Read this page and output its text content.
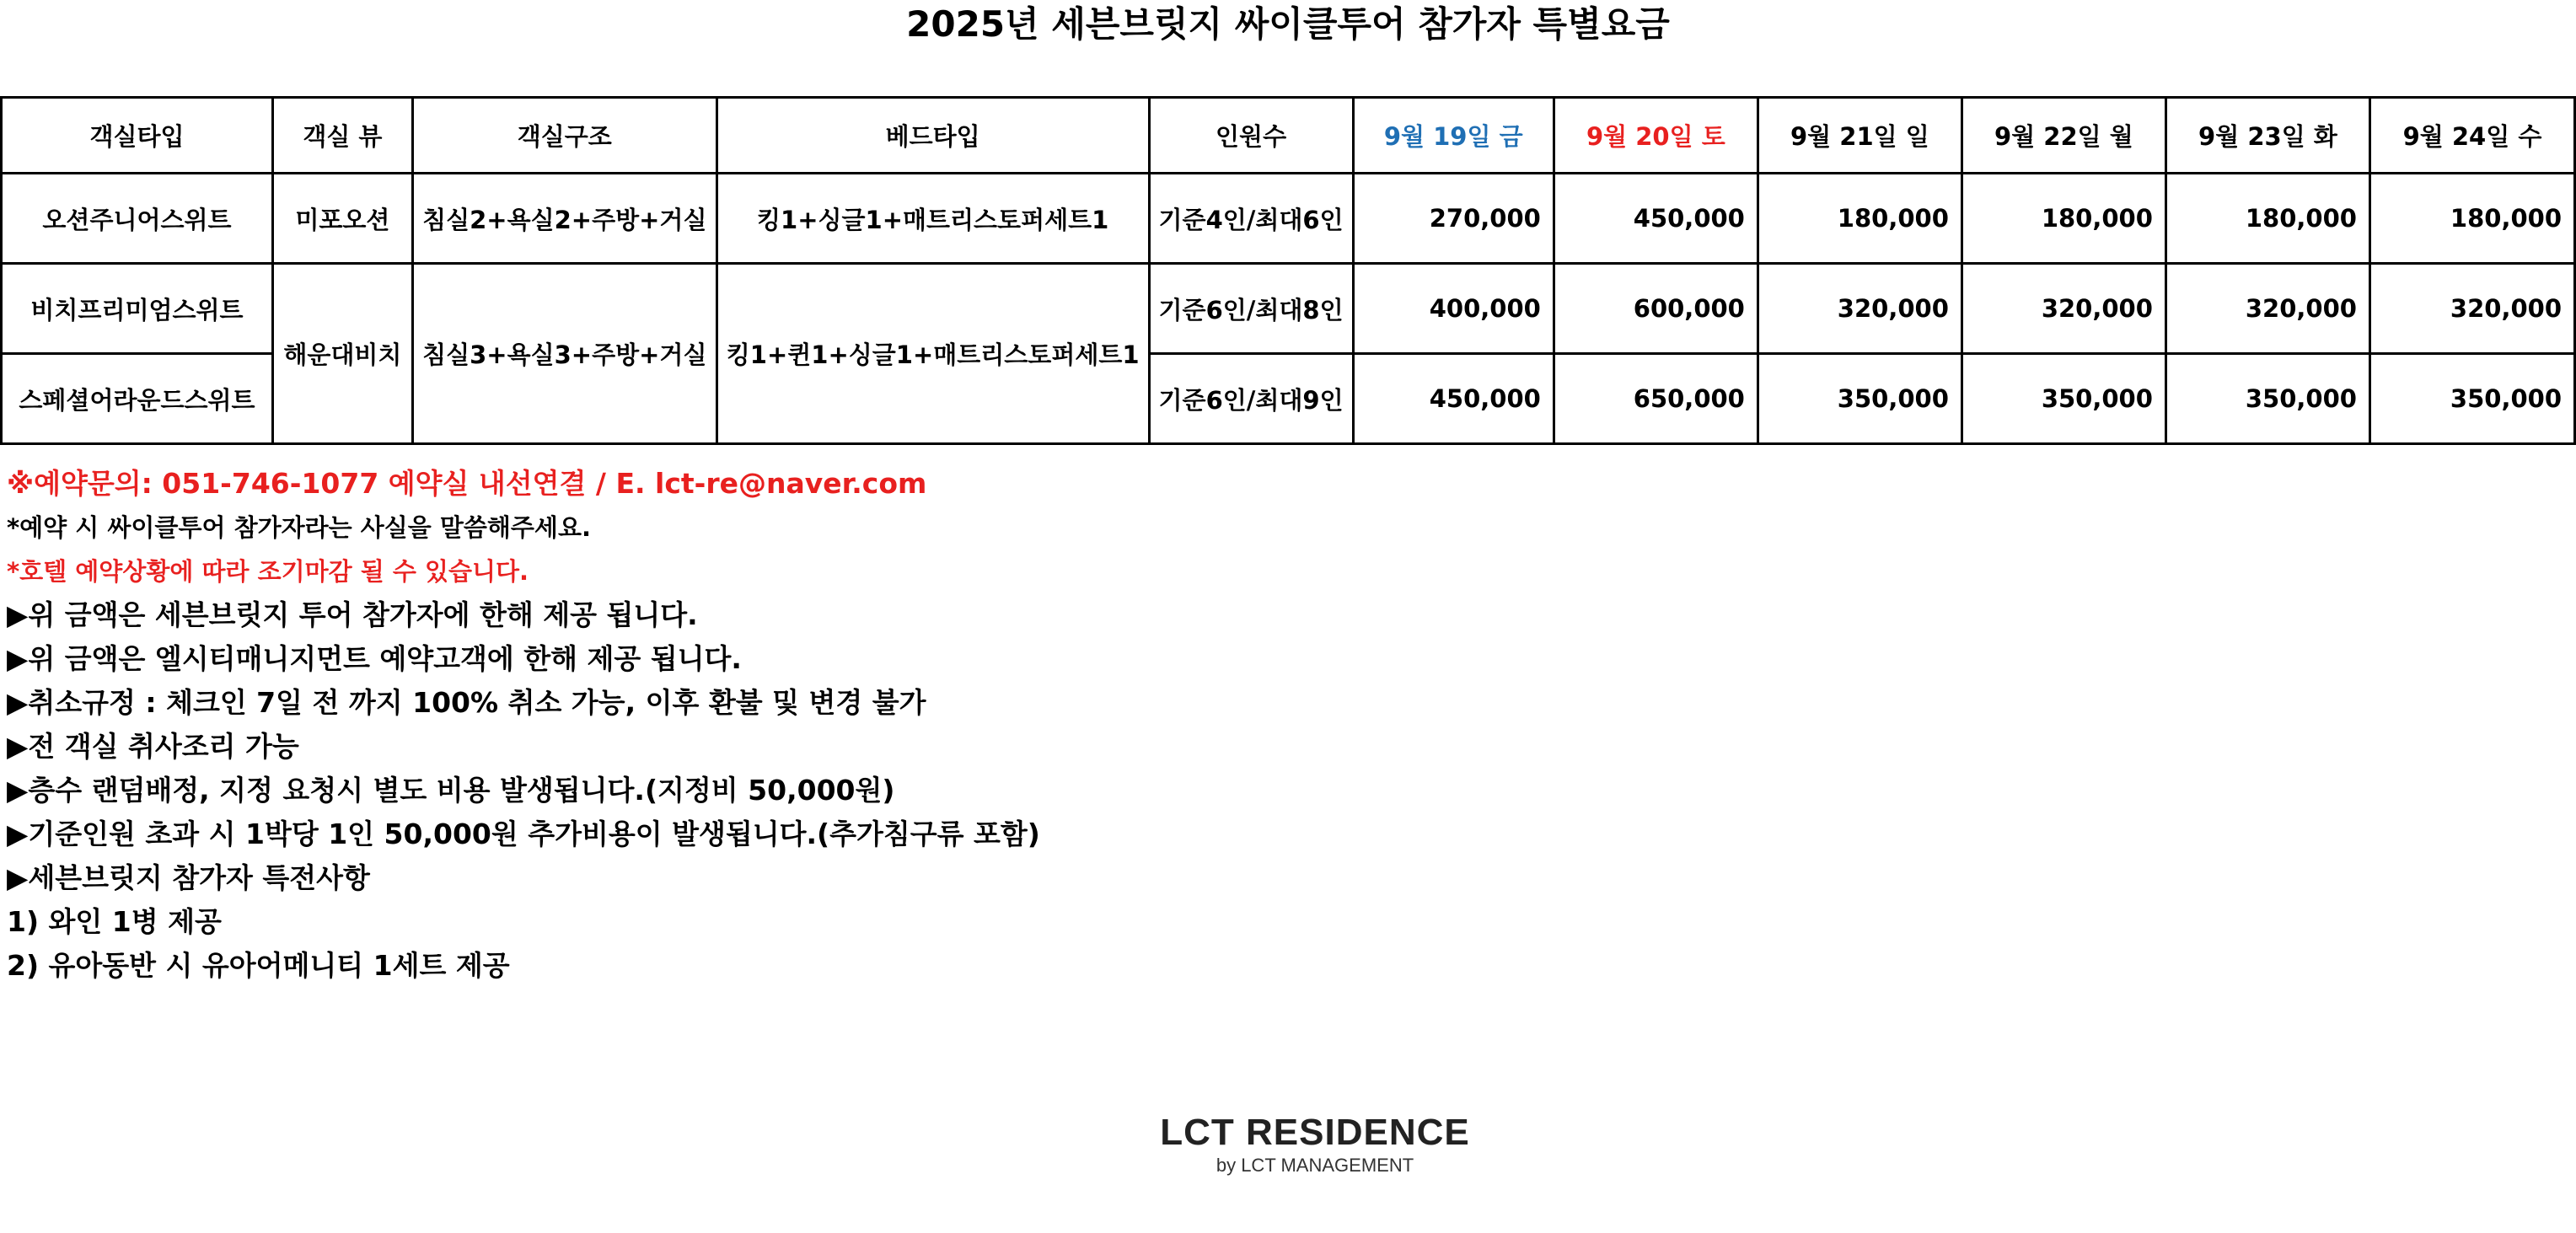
2025년 세븐브릿지 싸이클투어 참가자 특별요금
객실타입	객실 뷰	객실구조	베드타입	인원수	9월 19일 금	9월 20일 토	9월 21일 일	9월 22일 월	9월 23일 화	9월 24일 수
오션주니어스위트	미포오션	침실2+욕실2+주방+거실	킹1+싱글1+매트리스토퍼세트1	기준4인/최대6인	270,000	450,000	180,000	180,000	180,000	180,000
비치프리미엄스위트	해운대비치	침실3+욕실3+주방+거실	킹1+퀸1+싱글1+매트리스토퍼세트1	기준6인/최대8인	400,000	600,000	320,000	320,000	320,000	320,000
스페셜어라운드스위트				기준6인/최대9인	450,000	650,000	350,000	350,000	350,000	350,000
※예약문의: 051-746-1077 예약실 내선연결 / E. lct-re@naver.com
*예약 시 싸이클투어 참가자라는 사실을 말씀해주세요.
*호텔 예약상황에 따라 조기마감 될 수 있습니다.
▶위 금액은 세븐브릿지 투어 참가자에 한해 제공 됩니다.
▶위 금액은 엘시티매니지먼트 예약고객에 한해 제공 됩니다.
▶취소규정 : 체크인 7일 전 까지 100% 취소 가능, 이후 환불 및 변경 불가
▶전 객실 취사조리 가능
▶층수 랜덤배정, 지정 요청시 별도 비용 발생됩니다.(지정비 50,000원)
▶기준인원 초과 시 1박당 1인 50,000원 추가비용이 발생됩니다.(추가침구류 포함)
▶세븐브릿지 참가자 특전사항
1) 와인 1병 제공
2) 유아동반 시 유아어메니티 1세트 제공
LCT RESIDENCE
by LCT MANAGEMENT
